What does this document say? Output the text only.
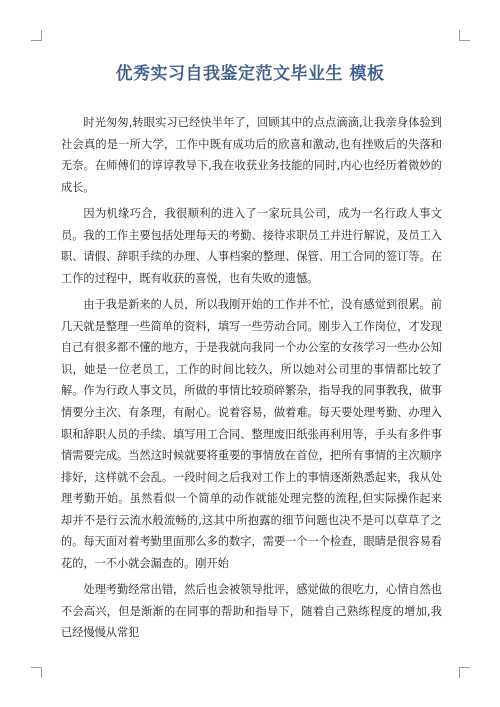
优秀实习自我鉴定范文毕业生 模板

时光匆匆,转眼实习已经快半年了，回顾其中的点点滴滴,让我亲身体验到社会真的是一所大学，工作中既有成功后的欣喜和激动,也有挫败后的失落和无奈。在师傅们的谆谆教导下,我在收获业务技能的同时,内心也经历着微妙的成长。

因为机缘巧合，我很顺利的进入了一家玩具公司，成为一名行政人事文员。我的工作主要包括处理每天的考勤、接待求职员工并进行解说，及员工入职、请假、辞职手续的办理、人事档案的整理、保管、用工合同的签订等。在工作的过程中，既有收获的喜悦，也有失败的遗憾。

由于我是新来的人员，所以我刚开始的工作并不忙，没有感觉到很累。前几天就是整理一些简单的资料，填写一些劳动合同。刚步入工作岗位，才发现自己有很多都不懂的地方，于是我就向我同一个办公室的女孩学习一些办公知识，她是一位老员工，工作的时间比较久，所以她对公司里的事情都比较了解。作为行政人事文员，所做的事情比较琐碎繁杂，指导我的同事教我，做事情要分主次、有条理，有耐心。说着容易，做着难。每天要处理考勤、办理入职和辞职人员的手续、填写用工合同、整理废旧纸张再利用等，手头有多件事情需要完成。当然这时候就要将重要的事情放在首位，把所有事情的主次顺序排好，这样就不会乱。一段时间之后我对工作上的事情逐渐熟悉起来，我从处理考勤开始。虽然看似一个简单的动作就能处理完整的流程,但实际操作起来却并不是行云流水般流畅的,这其中所抱露的细节问题也决不是可以草草了之的。每天面对着考勤里面那么多的数字，需要一个一个检查，眼睛是很容易看花的，一不小就会漏查的。刚开始

处理考勤经常出错，然后也会被领导批评，感觉做的很吃力，心情自然也不会高兴，但是渐渐的在同事的帮助和指导下，随着自己熟练程度的增加,我已经慢慢从常犯
